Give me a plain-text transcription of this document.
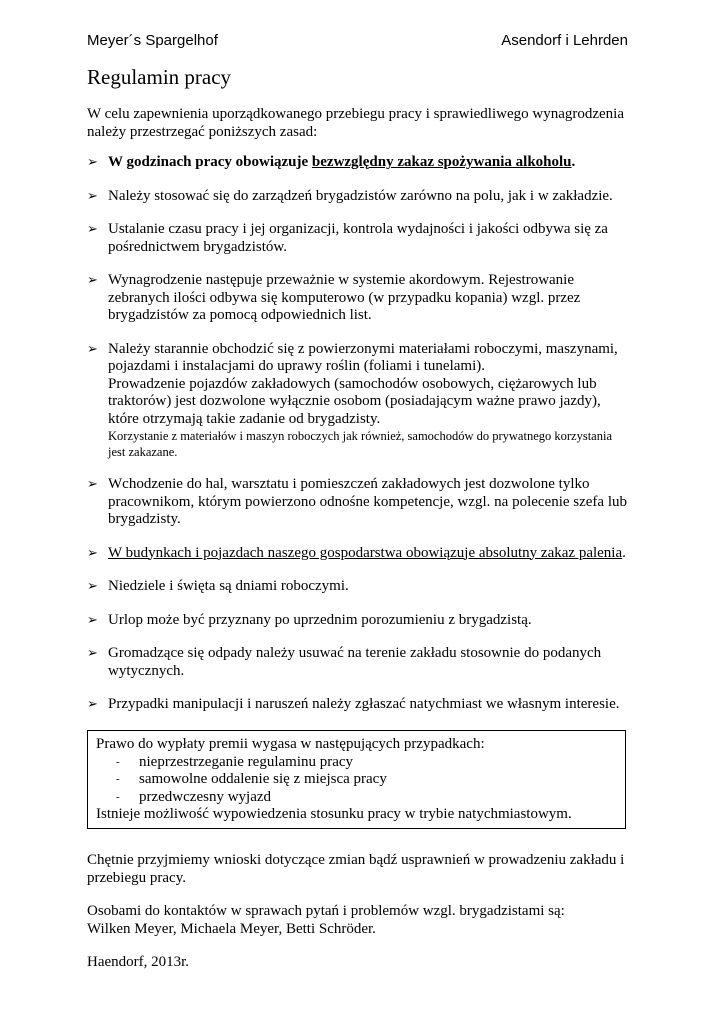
Meyer´s Spargelhof	Asendorf i Lehrden
Regulamin pracy
W celu zapewnienia uporządkowanego przebiegu pracy i sprawiedliwego wynagrodzenia należy przestrzegać poniższych zasad:
➢ W godzinach pracy obowiązuje bezwzględny zakaz spożywania alkoholu.
➢ Należy stosować się do zarządzeń brygadzistów zarówno na polu, jak i w zakładzie.
➢ Ustalanie czasu pracy i jej organizacji, kontrola wydajności i jakości odbywa się za pośrednictwem brygadzistów.
➢ Wynagrodzenie następuje przeważnie w systemie akordowym. Rejestrowanie zebranych ilości odbywa się komputerowo (w przypadku kopania) wzgl. przez brygadzistów za pomocą odpowiednich list.
➢ Należy starannie obchodzić się z powierzonymi materiałami roboczymi, maszynami, pojazdami i instalacjami do uprawy roślin (foliami i tunelami).
Prowadzenie pojazdów zakładowych (samochodów osobowych, ciężarowych lub traktorów) jest dozwolone wyłącznie osobom (posiadającym ważne prawo jazdy), które otrzymają takie zadanie od brygadzisty.
Korzystanie z materiałów i maszyn roboczych jak również, samochodów do prywatnego korzystania jest zakazane.
➢ Wchodzenie do hal, warsztatu i pomieszczeń zakładowych jest dozwolone tylko pracownikom, którym powierzono odnośne kompetencje, wzgl. na polecenie szefa lub brygadzisty.
➢ W budynkach i pojazdach naszego gospodarstwa obowiązuje absolutny zakaz palenia.
➢ Niedziele i święta są dniami roboczymi.
➢ Urlop może być przyznany po uprzednim porozumieniu z brygadzistą.
➢ Gromadzące się odpady należy usuwać na terenie zakładu stosownie do podanych wytycznych.
➢ Przypadki manipulacji i naruszeń należy zgłaszać natychmiast we własnym interesie.
Prawo do wypłaty premii wygasa w następujących przypadkach:
- nieprzestrzeganie regulaminu pracy
- samowolne oddalenie się z miejsca pracy
- przedwczesny wyjazd
Istnieje możliwość wypowiedzenia stosunku pracy w trybie natychmiastowym.
Chętnie przyjmiemy wnioski dotyczące zmian bądź usprawnień w prowadzeniu zakładu i przebiegu pracy.
Osobami do kontaktów w sprawach pytań i problemów wzgl. brygadzistami są:
Wilken Meyer, Michaela Meyer, Betti Schröder.
Haendorf, 2013r.
